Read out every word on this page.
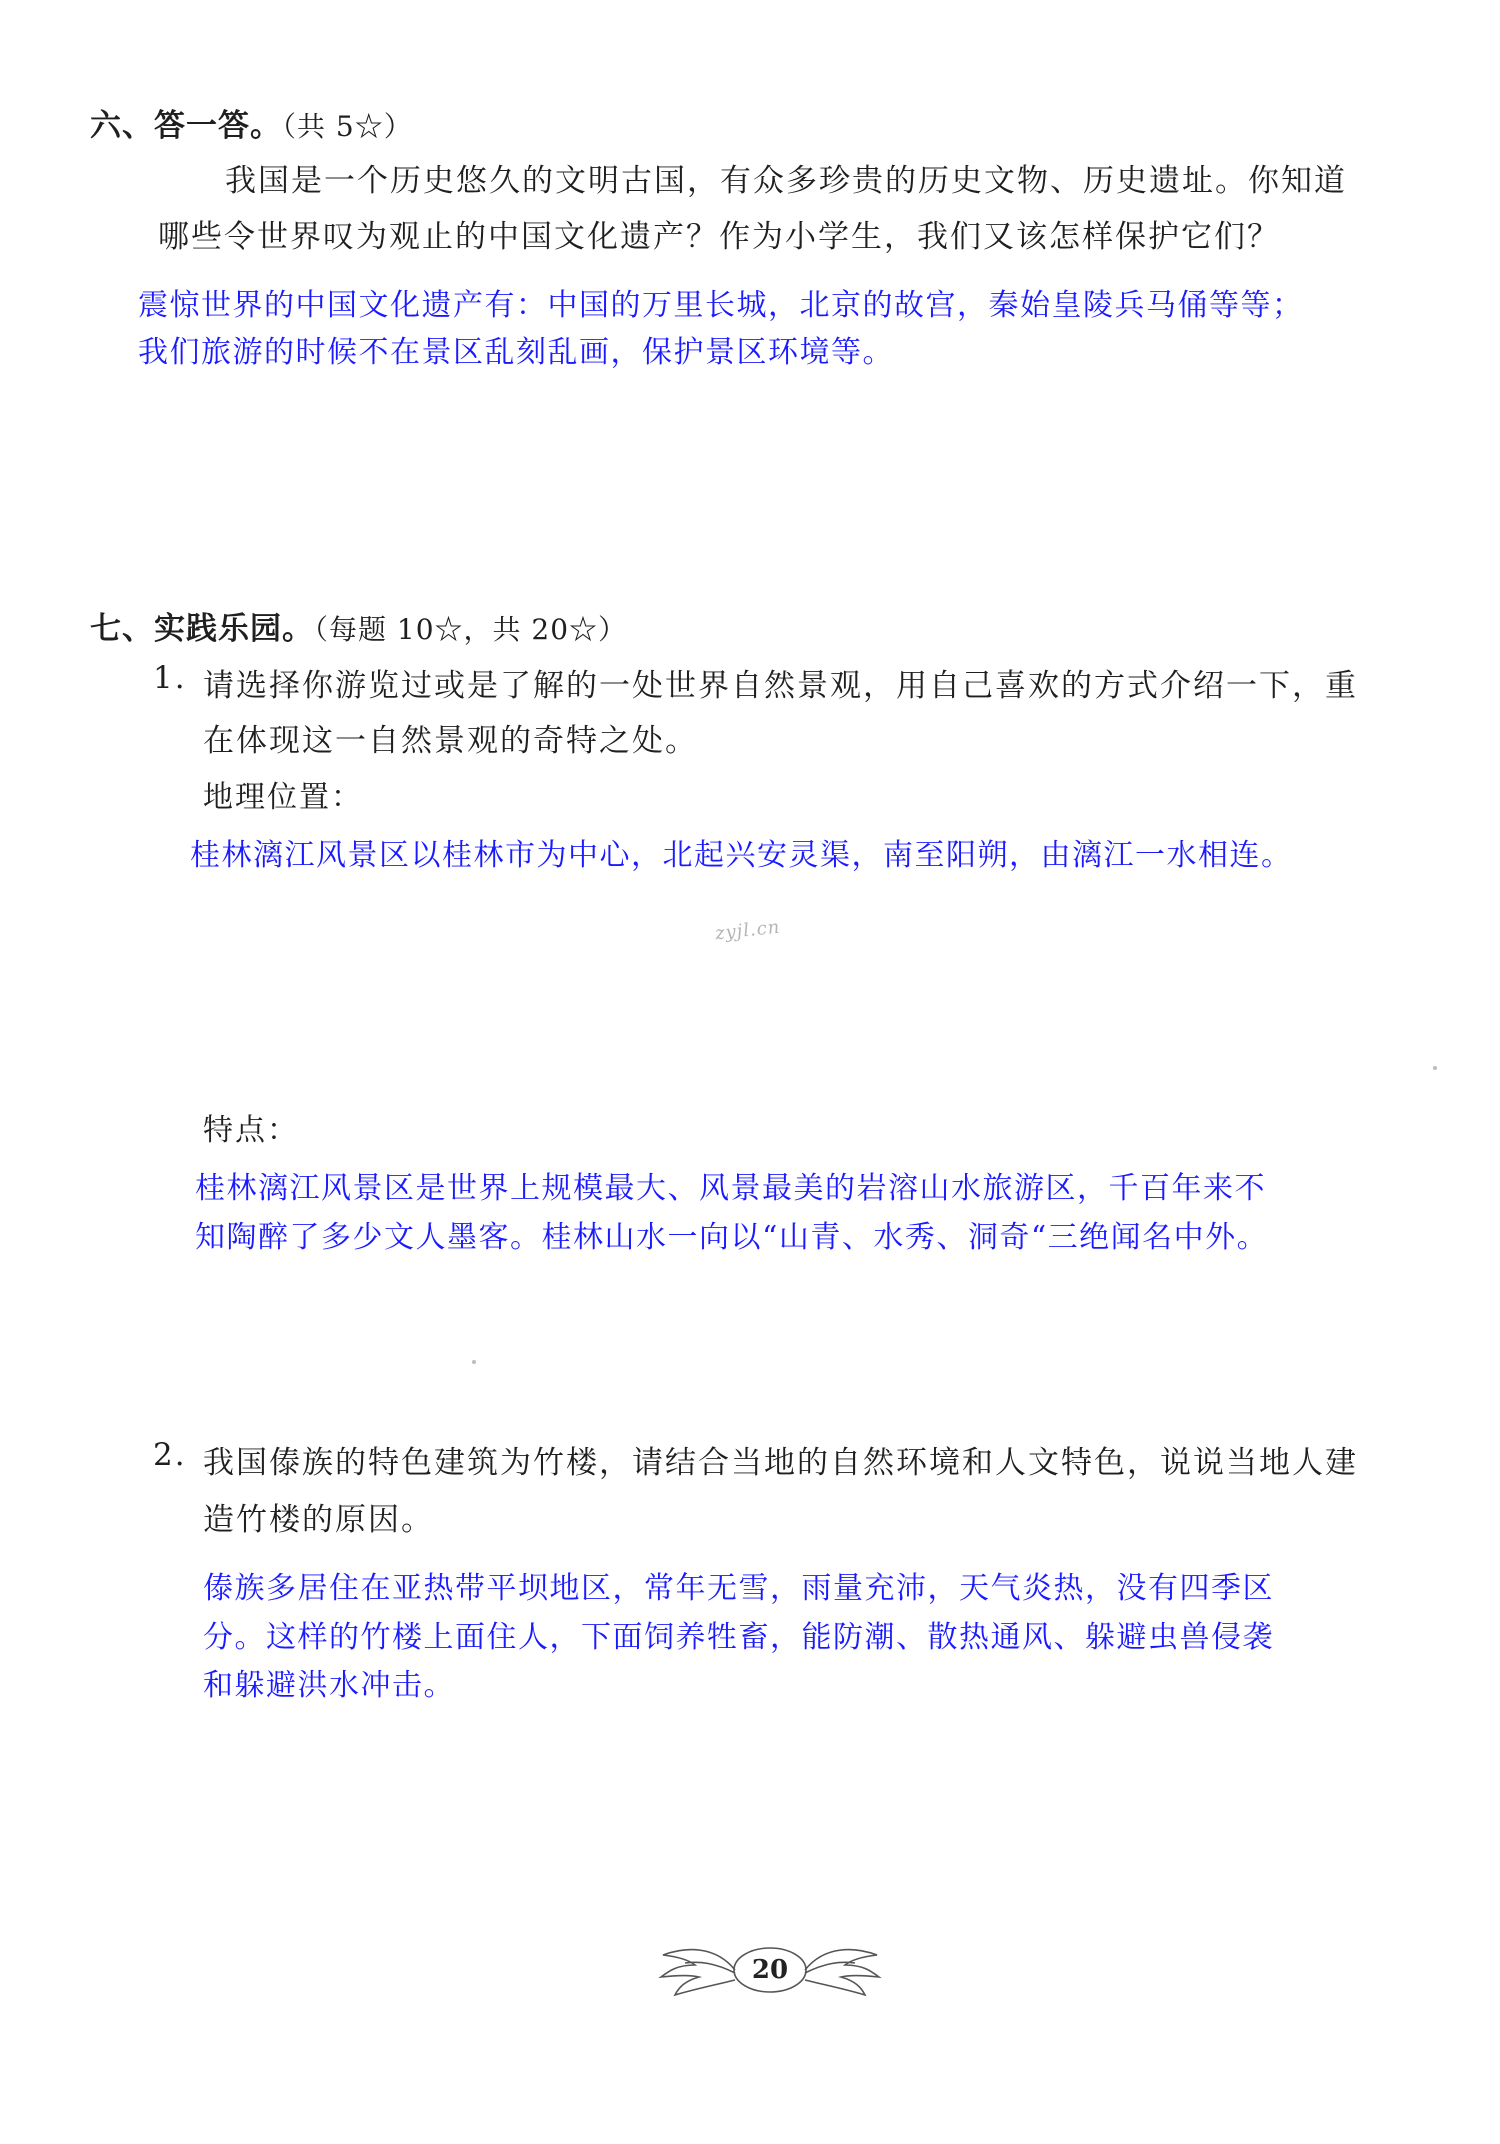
六、答一答。（共 5☆）
我国是一个历史悠久的文明古国，有众多珍贵的历史文物、历史遗址。你知道
哪些令世界叹为观止的中国文化遗产？作为小学生，我们又该怎样保护它们？
震惊世界的中国文化遗产有：中国的万里长城，北京的故宫，秦始皇陵兵马俑等等；
我们旅游的时候不在景区乱刻乱画，保护景区环境等。
七、实践乐园。（每题 10☆，共 20☆）
1. 请选择你游览过或是了解的一处世界自然景观，用自己喜欢的方式介绍一下，重
在体现这一自然景观的奇特之处。
地理位置：
桂林漓江风景区以桂林市为中心，北起兴安灵渠，南至阳朔，由漓江一水相连。
zyjl.cn
特点：
桂林漓江风景区是世界上规模最大、风景最美的岩溶山水旅游区，千百年来不
知陶醉了多少文人墨客。桂林山水一向以“山青、水秀、洞奇“三绝闻名中外。
2. 我国傣族的特色建筑为竹楼，请结合当地的自然环境和人文特色，说说当地人建
造竹楼的原因。
傣族多居住在亚热带平坝地区，常年无雪，雨量充沛，天气炎热，没有四季区
分。这样的竹楼上面住人，下面饲养牲畜，能防潮、散热通风、躲避虫兽侵袭
和躲避洪水冲击。
20
